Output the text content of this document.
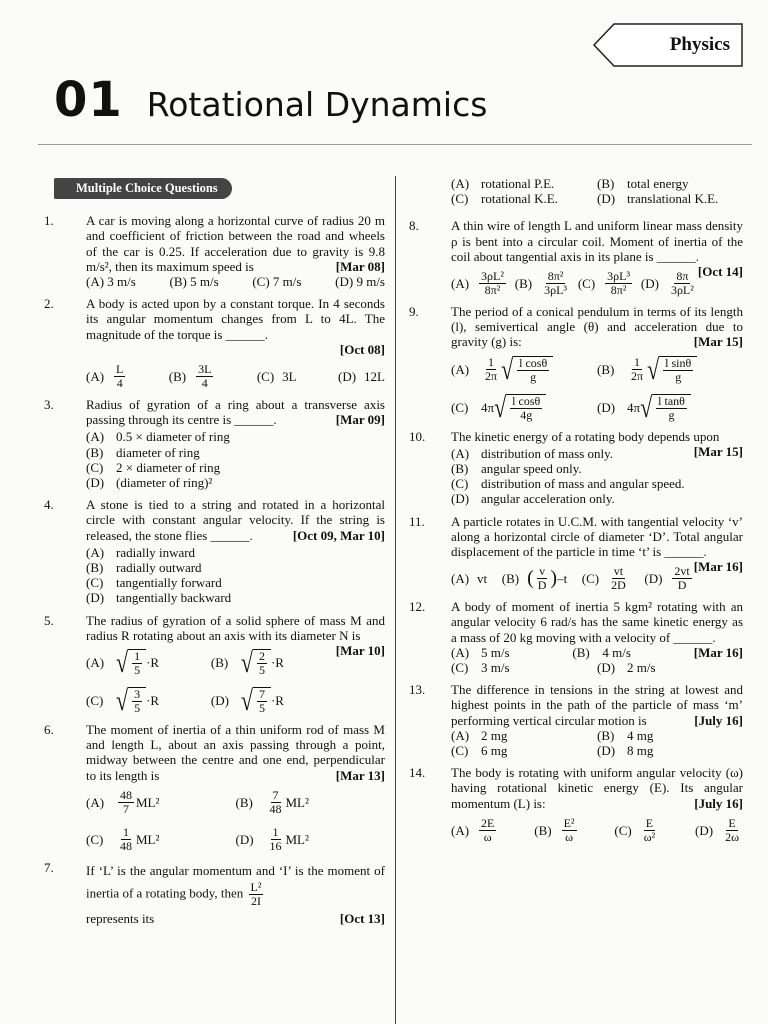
Physics
01 Rotational Dynamics
Multiple Choice Questions
1. A car is moving along a horizontal curve of radius 20 m and coefficient of friction between the road and wheels of the car is 0.25. If acceleration due to gravity is 9.8 m/s², then its maximum speed is	[Mar 08]
(A) 3 m/s	(B) 5 m/s	(C) 7 m/s	(D) 9 m/s
2. A body is acted upon by a constant torque. In 4 seconds its angular momentum changes from L to 4L. The magnitude of the torque is ______.

[Oct 08]

$(A) \frac{L}{4}$	$(B) \frac{3L}{4}$	(C) 3L	(D) 12L
3. Radius of gyration of a ring about a transverse axis passing through its centre is ______.	[Mar 09]
(A) 0.5 × diameter of ring
(B) diameter of ring
(C) 2 × diameter of ring
(D) (diameter of ring)²
4. A stone is tied to a string and rotated in a horizontal circle with constant angular velocity. If the string is released, the stone flies ______.	[Oct 09, Mar 10]
(A) radially inward
(B) radially outward
(C) tangentially forward
(D) tangentially backward
5. The radius of gyration of a solid sphere of mass M and radius R rotating about an axis with its diameter N is
[Mar 10]
(A) √ $\frac{1}{5} \cdot R$	(B) √ $\frac{2}{5} \cdot R$
(C) √ $\frac{3}{5} \cdot R$	(D) √ $\frac{7}{5} \cdot R$
6. The moment of inertia of a thin uniform rod of mass M and length L, about an axis passing through a point, midway between the centre and one end, perpendicular to its length is	[Mar 13]
(A)	$\frac{48}{7} ML^2$	(B)	$\frac{7}{48} ML^2$
(C)	$\frac{1}{48} ML^2$	(D)	$\frac{1}{16} ML^2$
7. If ‘L’ is the angular momentum and ‘I’ is the moment of inertia of a rotating body, then $\frac{\text{L²}}{2I}$

represents its	[Oct 13]
(A) rotational P.E.	(B) total energy
(C) rotational K.E.	(D) translational K.E.
8. A thin wire of length L and uniform linear mass density ρ is bent into a circular coil. Moment of inertia of the coil about tangential axis in its plane is ______.
[Oct 14]
$(A) \frac{\text{3ρL²}}{\text{8π²}} (B) \frac{\text{8π²}}{\text{3ρL³}} (C) \frac{\text{3ρL³}}{\text{8π²}} (D) \frac{8\pi}{\text{3ρL²}}$
9. The period of a conical pendulum in terms of its length (l), semivertical angle (θ) and acceleration due to gravity (g) is:	[Mar 15]
(A)	$\frac{1}{2\pi}$ √ $\frac{\text{l cosθ}}{g}$	(B)	$\frac{1}{2\pi}$ √ $\frac{\text{l sinθ}}{g}$
(C) 4π √ $\frac{\text{l cosθ}}{4g}$	(D) 4π √ $\frac{\text{l tanθ}}{g}$
10. The kinetic energy of a rotating body depends upon
[Mar 15]
(A) distribution of mass only.
(B) angular speed only.
(C) distribution of mass and angular speed.
(D) angular acceleration only.
11. A particle rotates in U.C.M. with tangential velocity ‘v’ along a horizontal circle of diameter ‘D’. Total angular displacement of the particle in time ‘t’ is ______.
[Mar 16]
(A) vt (B) ( $\frac{v}{D}$ ) –t $(C) \frac{vt}{2D} (D) \frac{2vt}{D}$
12. A body of moment of inertia 5 kgm² rotating with an angular velocity 6 rad/s has the same kinetic energy as a mass of 20 kg moving with a velocity of ______.
[Mar 16]
(A) 5 m/s	(B) 4 m/s
(C) 3 m/s	(D) 2 m/s
13. The difference in tensions in the string at lowest and highest points in the path of the particle of mass ‘m’ performing vertical circular motion is	[July 16]
(A) 2 mg	(B) 4 mg
(C) 6 mg	(D) 8 mg
14. The body is rotating with uniform angular velocity (ω) having rotational kinetic energy (E). Its angular momentum (L) is:	[July 16]
$(A) \frac{2E}{\omega}$	$(B) \frac{\text{E²}}{\omega}$	$(C) \frac{E}{\text{ω²}}$	$(D) \frac{E}{2\omega}$
